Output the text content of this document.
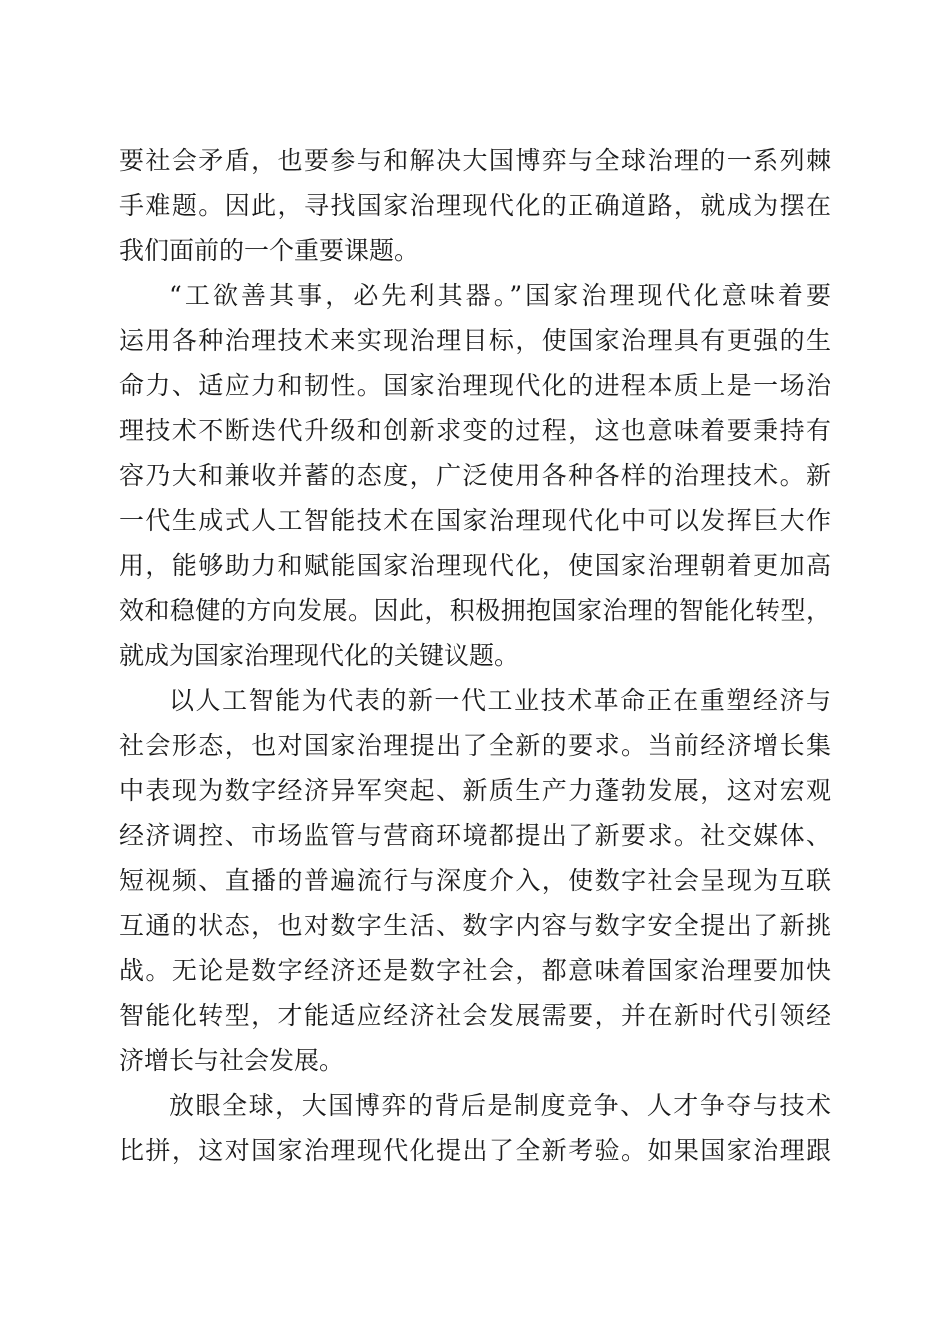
要社会矛盾，也要参与和解决大国博弈与全球治理的一系列棘
手难题。因此，寻找国家治理现代化的正确道路，就成为摆在
我们面前的一个重要课题。
“工欲善其事，必先利其器。”国家治理现代化意味着要
运用各种治理技术来实现治理目标，使国家治理具有更强的生
命力、适应力和韧性。国家治理现代化的进程本质上是一场治
理技术不断迭代升级和创新求变的过程，这也意味着要秉持有
容乃大和兼收并蓄的态度，广泛使用各种各样的治理技术。新
一代生成式人工智能技术在国家治理现代化中可以发挥巨大作
用，能够助力和赋能国家治理现代化，使国家治理朝着更加高
效和稳健的方向发展。因此，积极拥抱国家治理的智能化转型，
就成为国家治理现代化的关键议题。
以人工智能为代表的新一代工业技术革命正在重塑经济与
社会形态，也对国家治理提出了全新的要求。当前经济增长集
中表现为数字经济异军突起、新质生产力蓬勃发展，这对宏观
经济调控、市场监管与营商环境都提出了新要求。社交媒体、
短视频、直播的普遍流行与深度介入，使数字社会呈现为互联
互通的状态，也对数字生活、数字内容与数字安全提出了新挑
战。无论是数字经济还是数字社会，都意味着国家治理要加快
智能化转型，才能适应经济社会发展需要，并在新时代引领经
济增长与社会发展。
放眼全球，大国博弈的背后是制度竞争、人才争夺与技术
比拼，这对国家治理现代化提出了全新考验。如果国家治理跟
